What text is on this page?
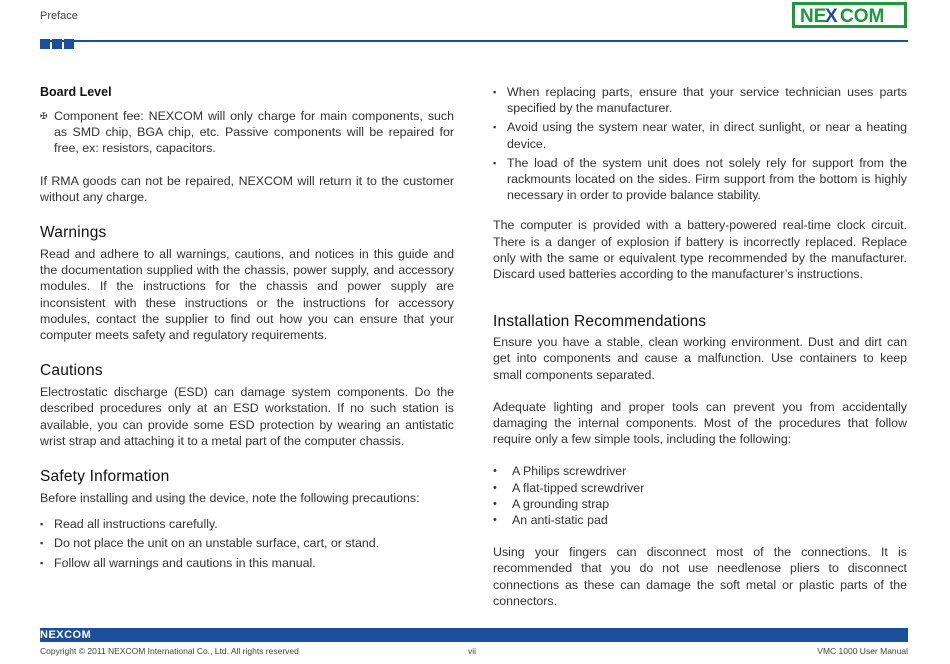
Preface	NE
X COM
Board Level
✠ Component fee: NEXCOM will only charge for main components, such as SMD chip, BGA chip, etc. Passive components will be repaired for free, ex: resistors, capacitors.

If RMA goods can not be repaired, NEXCOM will return it to the customer without any charge.

Warnings

Read and adhere to all warnings, cautions, and notices in this guide and the documentation supplied with the chassis, power supply, and accessory modules. If the instructions for the chassis and power supply are inconsistent with these instructions or the instructions for accessory modules, contact the supplier to find out how you can ensure that your computer meets safety and regulatory requirements.

Cautions

Electrostatic discharge (ESD) can damage system components. Do the described procedures only at an ESD workstation. If no such station is available, you can provide some ESD protection by wearing an antistatic wrist strap and attaching it to a metal part of the computer chassis.

Safety Information

Before installing and using the device, note the following precautions:

▪ Read all instructions carefully.
▪ Do not place the unit on an unstable surface, cart, or stand.
▪ Follow all warnings and cautions in this manual.
▪ When replacing parts, ensure that your service technician uses parts specified by the manufacturer.
▪ Avoid using the system near water, in direct sunlight, or near a heating device.
▪ The load of the system unit does not solely rely for support from the rackmounts located on the sides. Firm support from the bottom is highly necessary in order to provide balance stability.

The computer is provided with a battery-powered real-time clock circuit. There is a danger of explosion if battery is incorrectly replaced. Replace only with the same or equivalent type recommended by the manufacturer. Discard used batteries according to the manufacturer’s instructions.

Installation Recommendations

Ensure you have a stable, clean working environment. Dust and dirt can get into components and cause a malfunction. Use containers to keep small components separated.

Adequate lighting and proper tools can prevent you from accidentally damaging the internal components. Most of the procedures that follow require only a few simple tools, including the following:

• A Philips screwdriver
• A flat-tipped screwdriver
• A grounding strap
• An anti-static pad

Using your fingers can disconnect most of the connections. It is recommended that you do not use needlenose pliers to disconnect connections as these can damage the soft metal or plastic parts of the connectors.

NEXCOM
Copyright © 2011 NEXCOM International Co., Ltd. All rights reserved	vii	VMC 1000 User Manual
